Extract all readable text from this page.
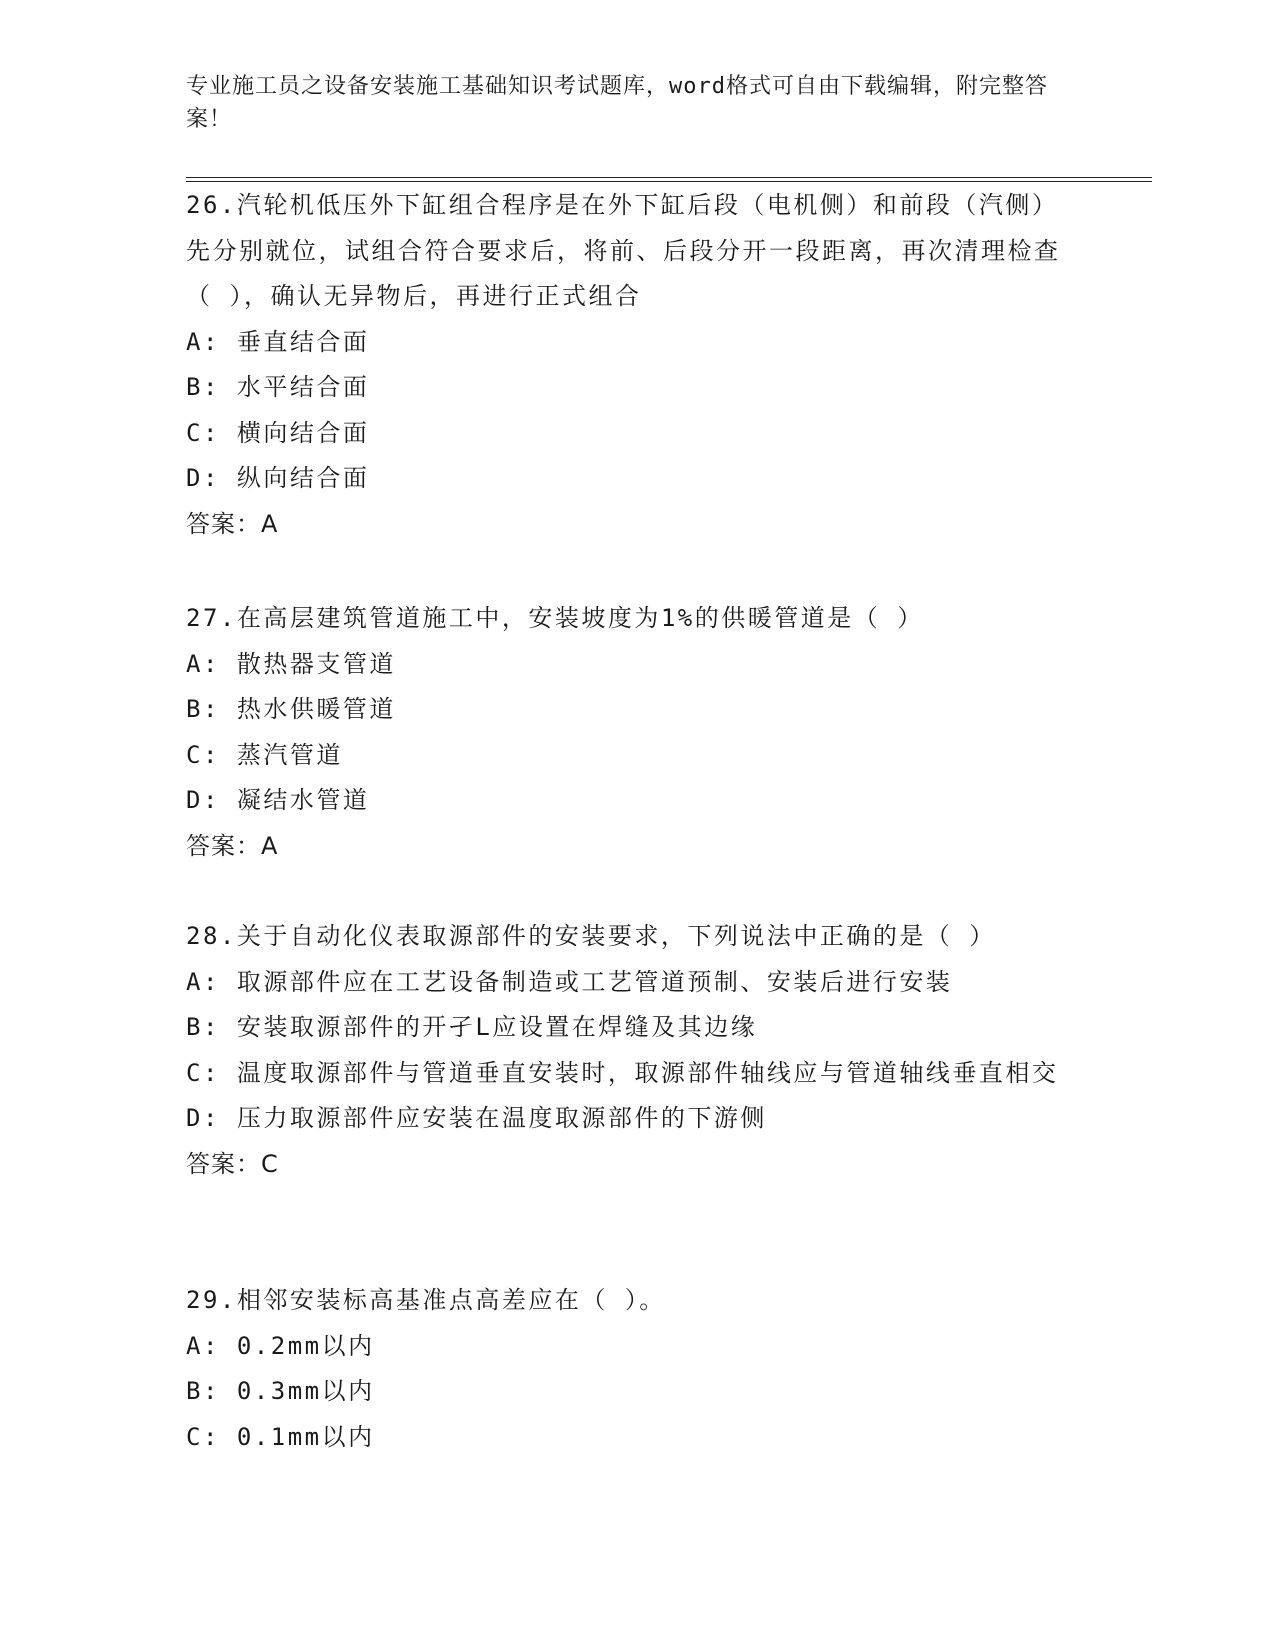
专业施工员之设备安装施工基础知识考试题库，word格式可自由下载编辑，附完整答案！

26.汽轮机低压外下缸组合程序是在外下缸后段（电机侧）和前段（汽侧）先分别就位，试组合符合要求后，将前、后段分开一段距离，再次清理检查（ ），确认无异物后，再进行正式组合

A: 垂直结合面

B: 水平结合面

C: 横向结合面

D: 纵向结合面

答案：A

27.在高层建筑管道施工中，安装坡度为1%的供暖管道是（ ）

A: 散热器支管道

B: 热水供暖管道

C: 蒸汽管道

D: 凝结水管道

答案：A

28.关于自动化仪表取源部件的安装要求，下列说法中正确的是（ ）

A: 取源部件应在工艺设备制造或工艺管道预制、安装后进行安装

B: 安装取源部件的开孑L应设置在焊缝及其边缘

C: 温度取源部件与管道垂直安装时，取源部件轴线应与管道轴线垂直相交

D: 压力取源部件应安装在温度取源部件的下游侧

答案：C

29.相邻安装标高基准点高差应在（ ）。

A: 0.2mm以内

B: 0.3mm以内

C: 0.1mm以内
